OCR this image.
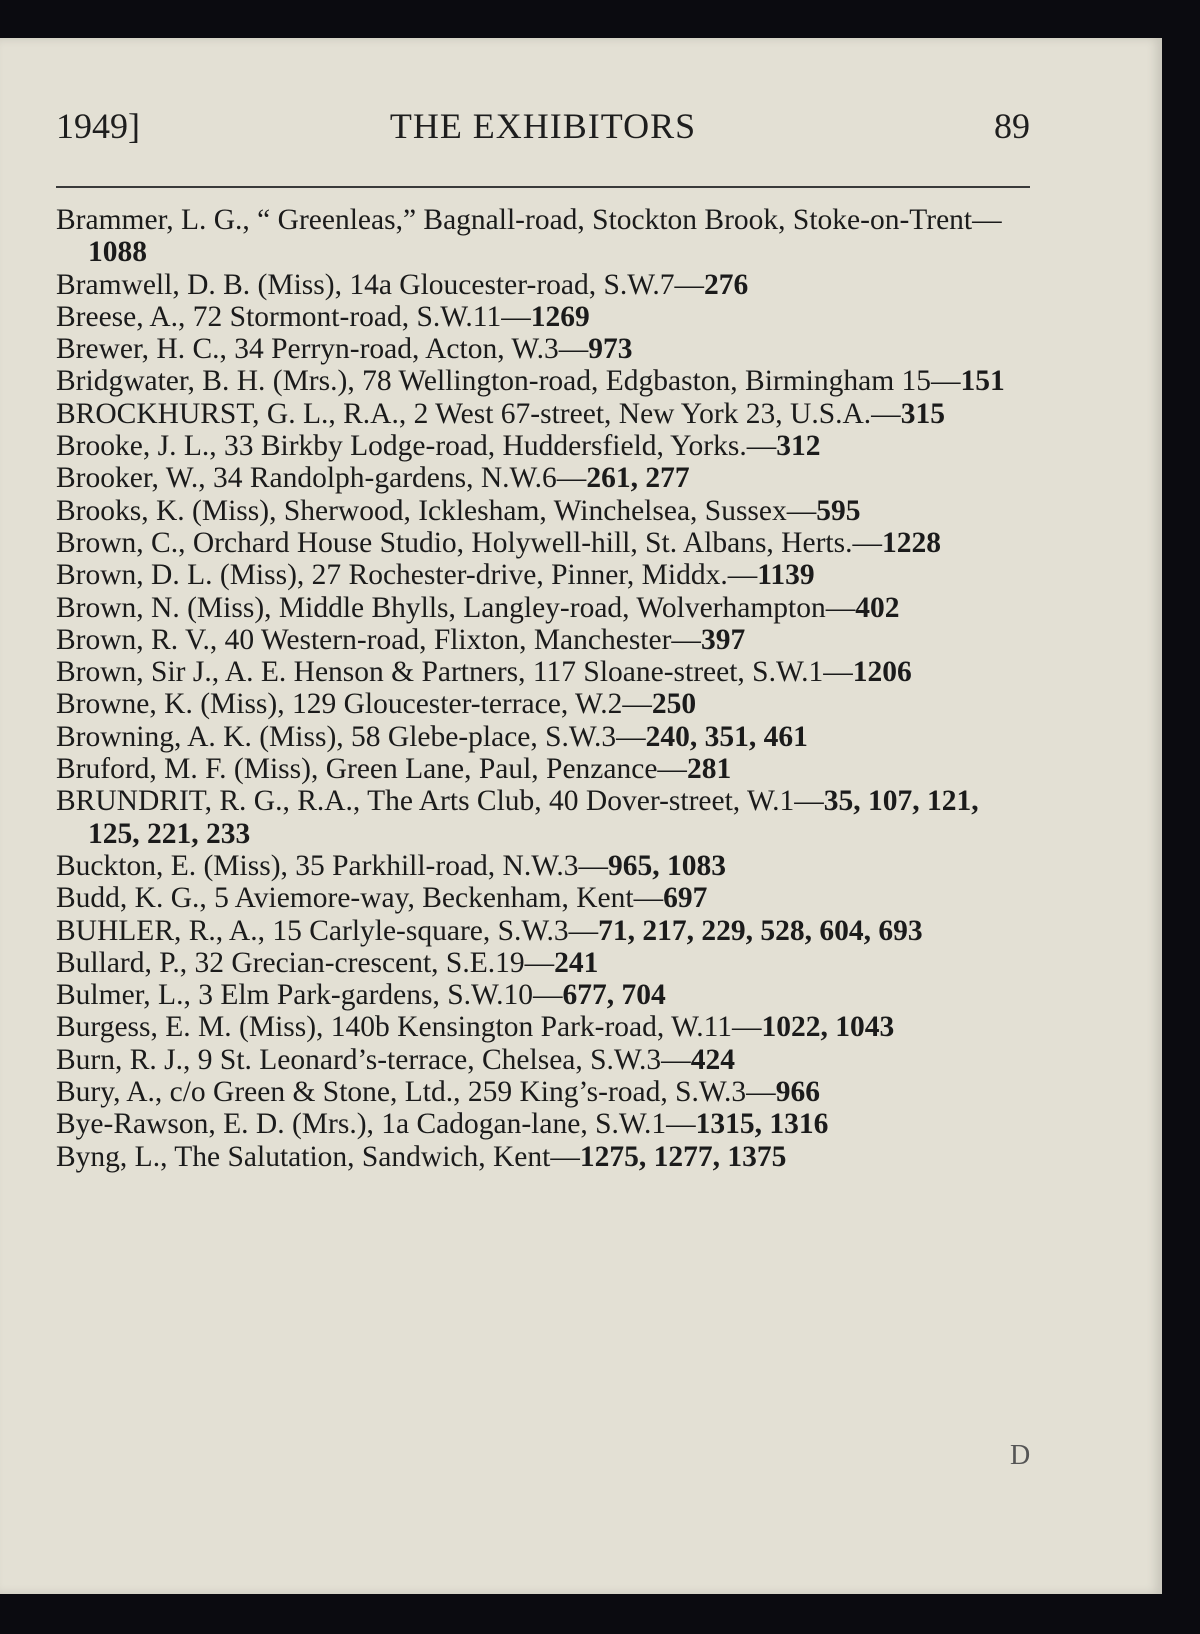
1949]	THE EXHIBITORS	89
Brammer, L. G., “ Greenleas,” Bagnall-road, Stockton Brook, Stoke-on-Trent—1088
Bramwell, D. B. (Miss), 14a Gloucester-road, S.W.7—276
Breese, A., 72 Stormont-road, S.W.11—1269
Brewer, H. C., 34 Perryn-road, Acton, W.3—973
Bridgwater, B. H. (Mrs.), 78 Wellington-road, Edgbaston, Birmingham 15—151
BROCKHURST, G. L., R.A., 2 West 67-street, New York 23, U.S.A.—315
Brooke, J. L., 33 Birkby Lodge-road, Huddersfield, Yorks.—312
Brooker, W., 34 Randolph-gardens, N.W.6—261, 277
Brooks, K. (Miss), Sherwood, Icklesham, Winchelsea, Sussex—595
Brown, C., Orchard House Studio, Holywell-hill, St. Albans, Herts.—1228
Brown, D. L. (Miss), 27 Rochester-drive, Pinner, Middx.—1139
Brown, N. (Miss), Middle Bhylls, Langley-road, Wolverhampton—402
Brown, R. V., 40 Western-road, Flixton, Manchester—397
Brown, Sir J., A. E. Henson & Partners, 117 Sloane-street, S.W.1—1206
Browne, K. (Miss), 129 Gloucester-terrace, W.2—250
Browning, A. K. (Miss), 58 Glebe-place, S.W.3—240, 351, 461
Bruford, M. F. (Miss), Green Lane, Paul, Penzance—281
BRUNDRIT, R. G., R.A., The Arts Club, 40 Dover-street, W.1—35, 107, 121, 125, 221, 233
Buckton, E. (Miss), 35 Parkhill-road, N.W.3—965, 1083
Budd, K. G., 5 Aviemore-way, Beckenham, Kent—697
BUHLER, R., A., 15 Carlyle-square, S.W.3—71, 217, 229, 528, 604, 693
Bullard, P., 32 Grecian-crescent, S.E.19—241
Bulmer, L., 3 Elm Park-gardens, S.W.10—677, 704
Burgess, E. M. (Miss), 140b Kensington Park-road, W.11—1022, 1043
Burn, R. J., 9 St. Leonard’s-terrace, Chelsea, S.W.3—424
Bury, A., c/o Green & Stone, Ltd., 259 King’s-road, S.W.3—966
Bye-Rawson, E. D. (Mrs.), 1a Cadogan-lane, S.W.1—1315, 1316
Byng, L., The Salutation, Sandwich, Kent—1275, 1277, 1375
D
